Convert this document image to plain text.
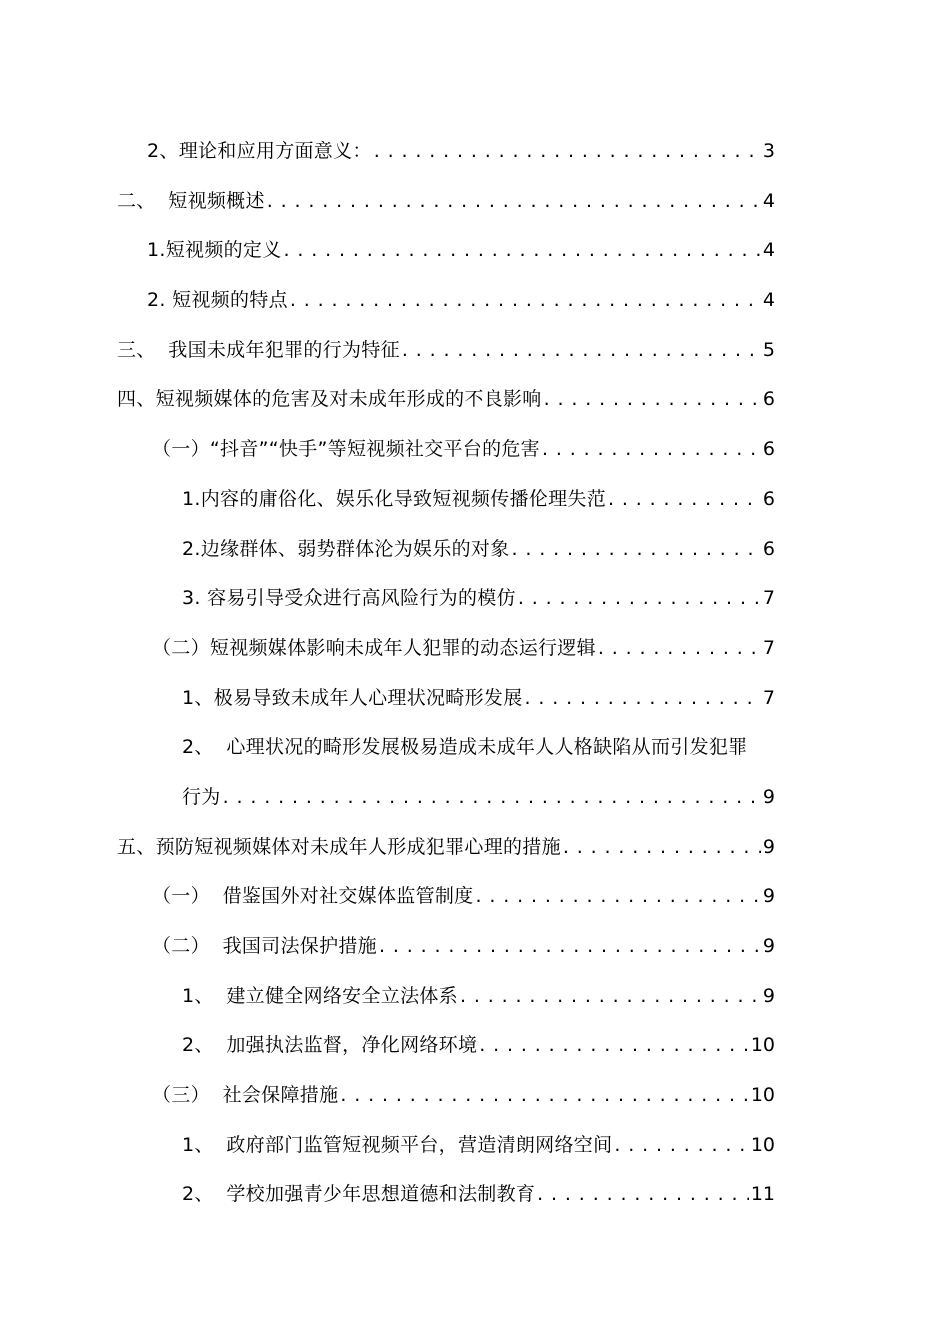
2、理论和应用方面意义： . . .	3
二、  短视频概述 . . .	4
1.短视频的定义 . . .	4
2. 短视频的特点 . . .	4
三、  我国未成年犯罪的行为特征 . . .	5
四、短视频媒体的危害及对未成年形成的不良影响 . . .	6
（一）“抖音”“快手”等短视频社交平台的危害 . . .	6
1.内容的庸俗化、娱乐化导致短视频传播伦理失范 . . .	6
2.边缘群体、弱势群体沦为娱乐的对象 . . .	6
3. 容易引导受众进行高风险行为的模仿 . . .	7
（二）短视频媒体影响未成年人犯罪的动态运行逻辑 . . .	7
1、极易导致未成年人心理状况畸形发展 . . .	7
2、  心理状况的畸形发展极易造成未成年人人格缺陷从而引发犯罪
行为 . . .	9
五、预防短视频媒体对未成年人形成犯罪心理的措施 . . .	9
（一）  借鉴国外对社交媒体监管制度 . . .	9
（二）  我国司法保护措施 . . .	9
1、  建立健全网络安全立法体系 . . .	9
2、  加强执法监督，净化网络环境 . . .	10
（三）  社会保障措施 . . .	10
1、  政府部门监管短视频平台，营造清朗网络空间 . . .	10
2、  学校加强青少年思想道德和法制教育 . . .	11
